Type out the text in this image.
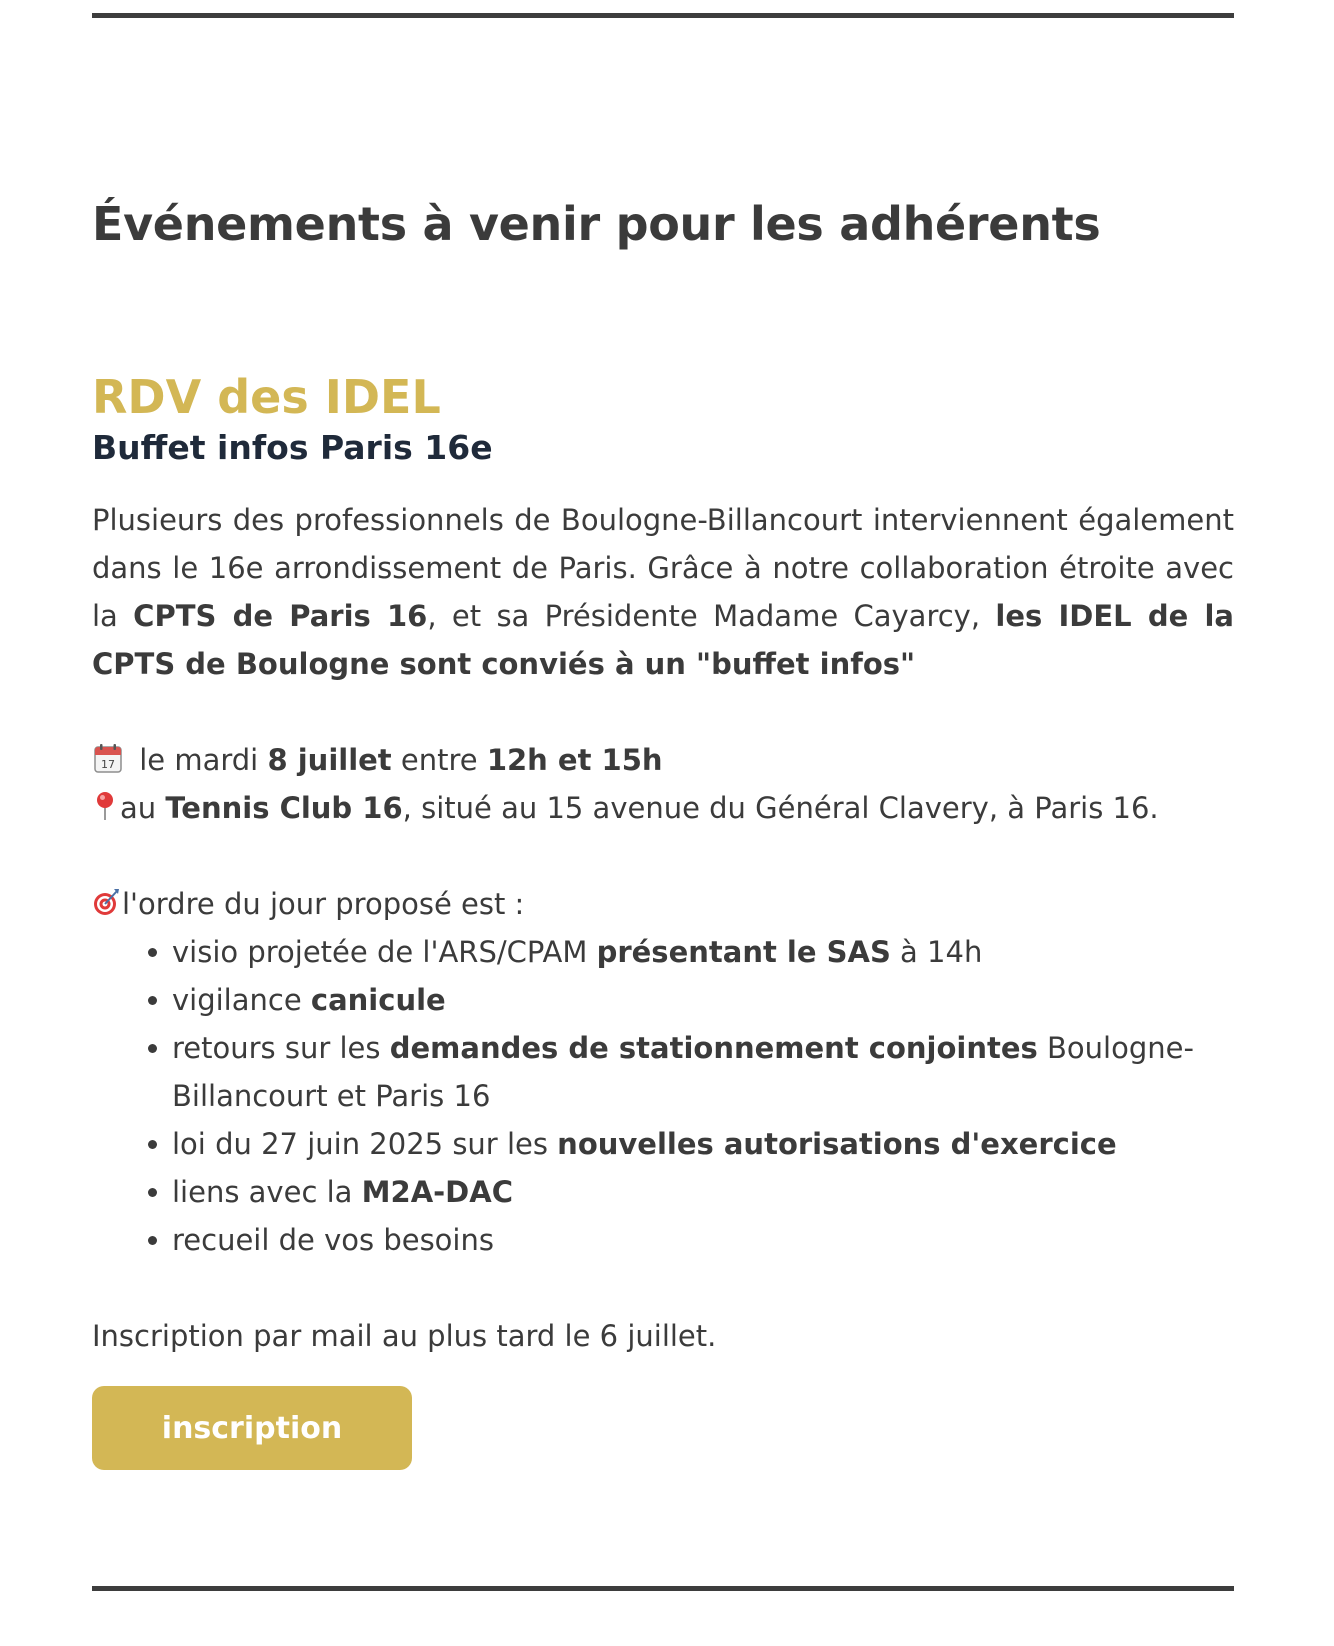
Événements à venir pour les adhérents
RDV des IDEL
Buffet infos Paris 16e

Plusieurs des professionnels de Boulogne-Billancourt interviennent également dans le 16e arrondissement de Paris. Grâce à notre collaboration étroite avec la CPTS de Paris 16, et sa Présidente Madame Cayarcy, les IDEL de la CPTS de Boulogne sont conviés à un "buffet infos"

17 le mardi 8 juillet entre 12h et 15h
au Tennis Club 16, situé au 15 avenue du Général Clavery, à Paris 16.
l'ordre du jour proposé est :
visio projetée de l'ARS/CPAM présentant le SAS à 14h
vigilance canicule
retours sur les demandes de stationnement conjointes Boulogne-Billancourt et Paris 16
loi du 27 juin 2025 sur les nouvelles autorisations d'exercice
liens avec la M2A-DAC
recueil de vos besoins

Inscription par mail au plus tard le 6 juillet.

inscription
